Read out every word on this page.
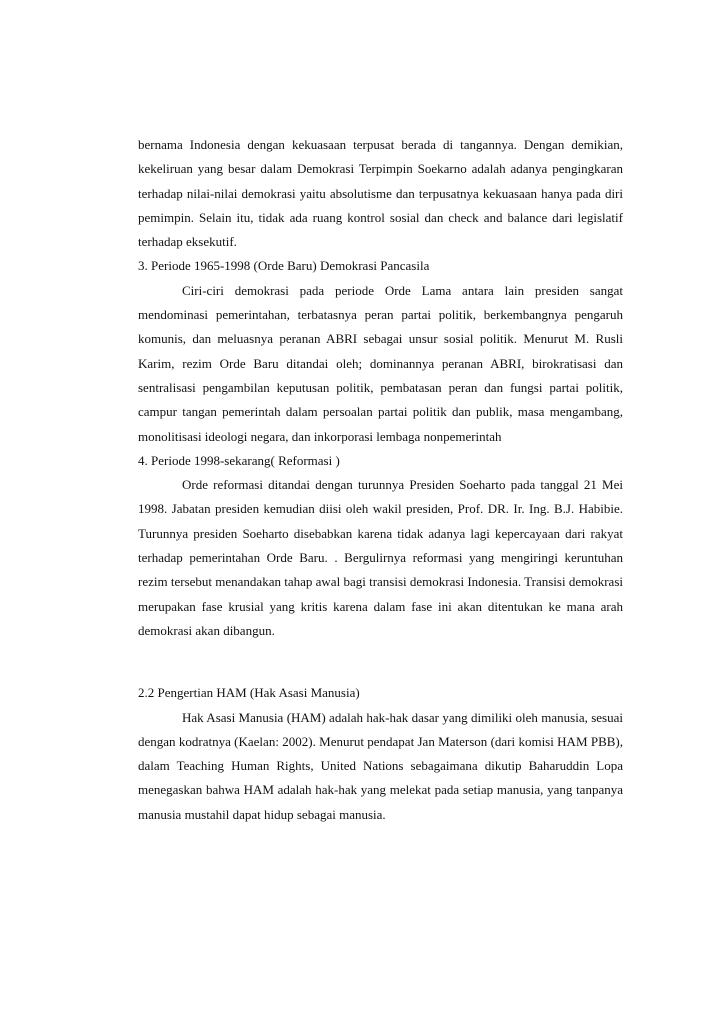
bernama Indonesia dengan kekuasaan terpusat berada di tangannya. Dengan demikian, kekeliruan yang besar dalam Demokrasi Terpimpin Soekarno adalah adanya pengingkaran terhadap nilai-nilai demokrasi yaitu absolutisme dan terpusatnya kekuasaan hanya pada diri pemimpin. Selain itu, tidak ada ruang kontrol sosial dan check and balance dari legislatif terhadap eksekutif.

3. Periode 1965-1998 (Orde Baru) Demokrasi Pancasila

Ciri-ciri demokrasi pada periode Orde Lama antara lain presiden sangat mendominasi pemerintahan, terbatasnya peran partai politik, berkembangnya pengaruh komunis, dan meluasnya peranan ABRI sebagai unsur sosial politik. Menurut M. Rusli Karim, rezim Orde Baru ditandai oleh; dominannya peranan ABRI, birokratisasi dan sentralisasi pengambilan keputusan politik, pembatasan peran dan fungsi partai politik, campur tangan pemerintah dalam persoalan partai politik dan publik, masa mengambang, monolitisasi ideologi negara, dan inkorporasi lembaga nonpemerintah

4. Periode 1998-sekarang( Reformasi )

Orde reformasi ditandai dengan turunnya Presiden Soeharto pada tanggal 21 Mei 1998. Jabatan presiden kemudian diisi oleh wakil presiden, Prof. DR. Ir. Ing. B.J. Habibie. Turunnya presiden Soeharto disebabkan karena tidak adanya lagi kepercayaan dari rakyat terhadap pemerintahan Orde Baru. . Bergulirnya reformasi yang mengiringi keruntuhan rezim tersebut menandakan tahap awal bagi transisi demokrasi Indonesia. Transisi demokrasi merupakan fase krusial yang kritis karena dalam fase ini akan ditentukan ke mana arah demokrasi akan dibangun.

2.2 Pengertian HAM (Hak Asasi Manusia)

Hak Asasi Manusia (HAM) adalah hak-hak dasar yang dimiliki oleh manusia, sesuai dengan kodratnya (Kaelan: 2002). Menurut pendapat Jan Materson (dari komisi HAM PBB), dalam Teaching Human Rights, United Nations sebagaimana dikutip Baharuddin Lopa menegaskan bahwa HAM adalah hak-hak yang melekat pada setiap manusia, yang tanpanya manusia mustahil dapat hidup sebagai manusia.
